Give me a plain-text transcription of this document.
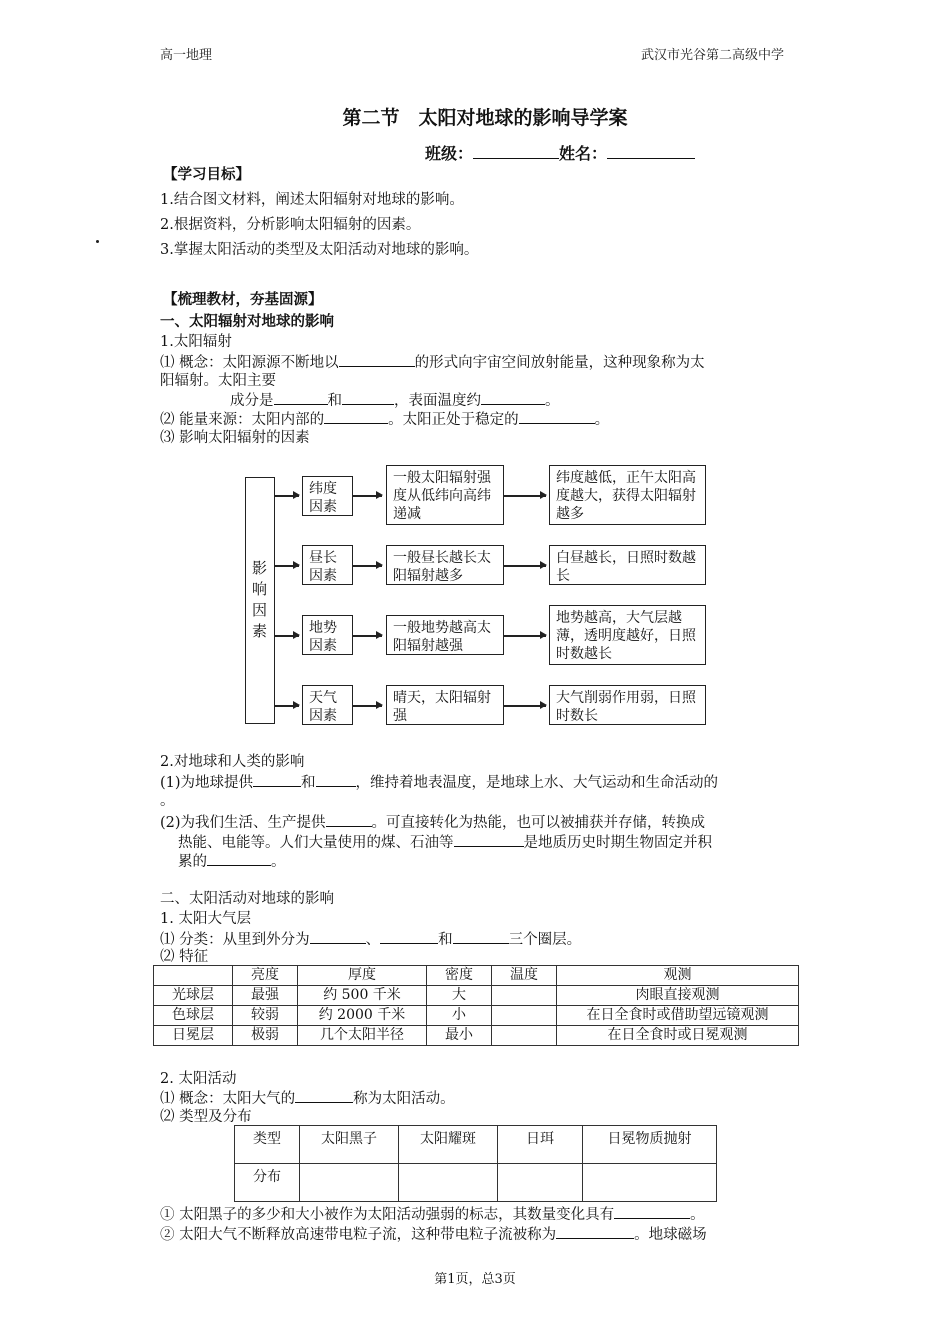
高一地理	武汉市光谷第二高级中学
第二节　太阳对地球的影响导学案
班级：	姓名：
【学习目标】
1.结合图文材料，阐述太阳辐射对地球的影响。
2.根据资料，分析影响太阳辐射的因素。
3.掌握太阳活动的类型及太阳活动对地球的影响。
【梳理教材，夯基固源】
一、太阳辐射对地球的影响
1.太阳辐射
⑴ 概念：太阳源源不断地以	的形式向宇宙空间放射能量，这种现象称为太
阳辐射。太阳主要
成分是	和	，表面温度约	。
⑵ 能量来源：太阳内部的	。太阳正处于稳定的	。
⑶ 影响太阳辐射的因素
影响因素
纬度因素
一般太阳辐射强度从低纬向高纬递减
纬度越低，正午太阳高度越大，获得太阳辐射越多
昼长因素
一般昼长越长太阳辐射越多
白昼越长，日照时数越长
地势因素
一般地势越高太阳辐射越强
地势越高，大气层越薄，透明度越好，日照时数越长
天气因素
晴天，太阳辐射强
大气削弱作用弱，日照时数长
2.对地球和人类的影响
(1)为地球提供	和	，维持着地表温度，是地球上水、大气运动和生命活动的
。
(2)为我们生活、生产提供	。可直接转化为热能，也可以被捕获并存储，转换成
热能、电能等。人们大量使用的煤、石油等	是地质历史时期生物固定并积
累的	。
二、太阳活动对地球的影响
1. 太阳大气层
⑴ 分类：从里到外分为	、	和	三个圈层。
⑵ 特征
	亮度	厚度	密度	温度	观测
光球层	最强	约 500 千米	大		肉眼直接观测
色球层	较弱	约 2000 千米	小		在日全食时或借助望远镜观测
日冕层	极弱	几个太阳半径	最小		在日全食时或日冕观测
2. 太阳活动
⑴ 概念：太阳大气的	称为太阳活动。
⑵ 类型及分布
类型	太阳黑子	太阳耀斑	日珥	日冕物质抛射
分布				
① 太阳黑子的多少和大小被作为太阳活动强弱的标志，其数量变化具有	。
② 太阳大气不断释放高速带电粒子流，这种带电粒子流被称为	。地球磁场
第1页，总3页
